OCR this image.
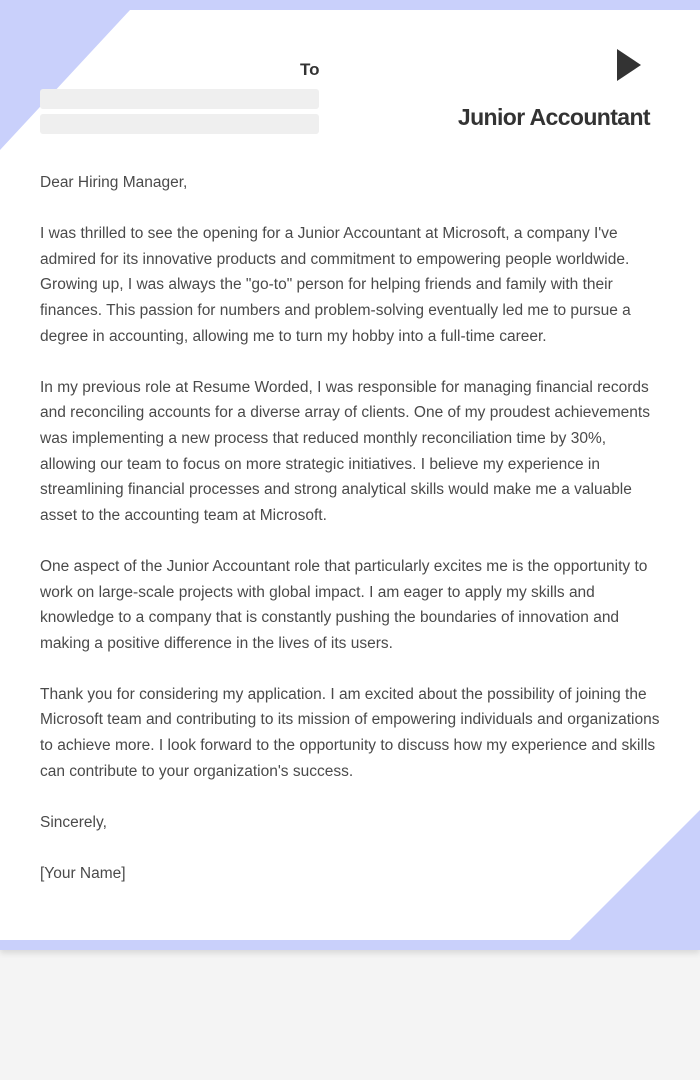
To

Junior Accountant

Dear Hiring Manager,

I was thrilled to see the opening for a Junior Accountant at Microsoft, a company I've admired for its innovative products and commitment to empowering people worldwide. Growing up, I was always the "go-to" person for helping friends and family with their finances. This passion for numbers and problem-solving eventually led me to pursue a degree in accounting, allowing me to turn my hobby into a full-time career.

In my previous role at Resume Worded, I was responsible for managing financial records and reconciling accounts for a diverse array of clients. One of my proudest achievements was implementing a new process that reduced monthly reconciliation time by 30%, allowing our team to focus on more strategic initiatives. I believe my experience in streamlining financial processes and strong analytical skills would make me a valuable asset to the accounting team at Microsoft.

One aspect of the Junior Accountant role that particularly excites me is the opportunity to work on large-scale projects with global impact. I am eager to apply my skills and knowledge to a company that is constantly pushing the boundaries of innovation and making a positive difference in the lives of its users.

Thank you for considering my application. I am excited about the possibility of joining the Microsoft team and contributing to its mission of empowering individuals and organizations to achieve more. I look forward to the opportunity to discuss how my experience and skills can contribute to your organization's success.

Sincerely,

[Your Name]
